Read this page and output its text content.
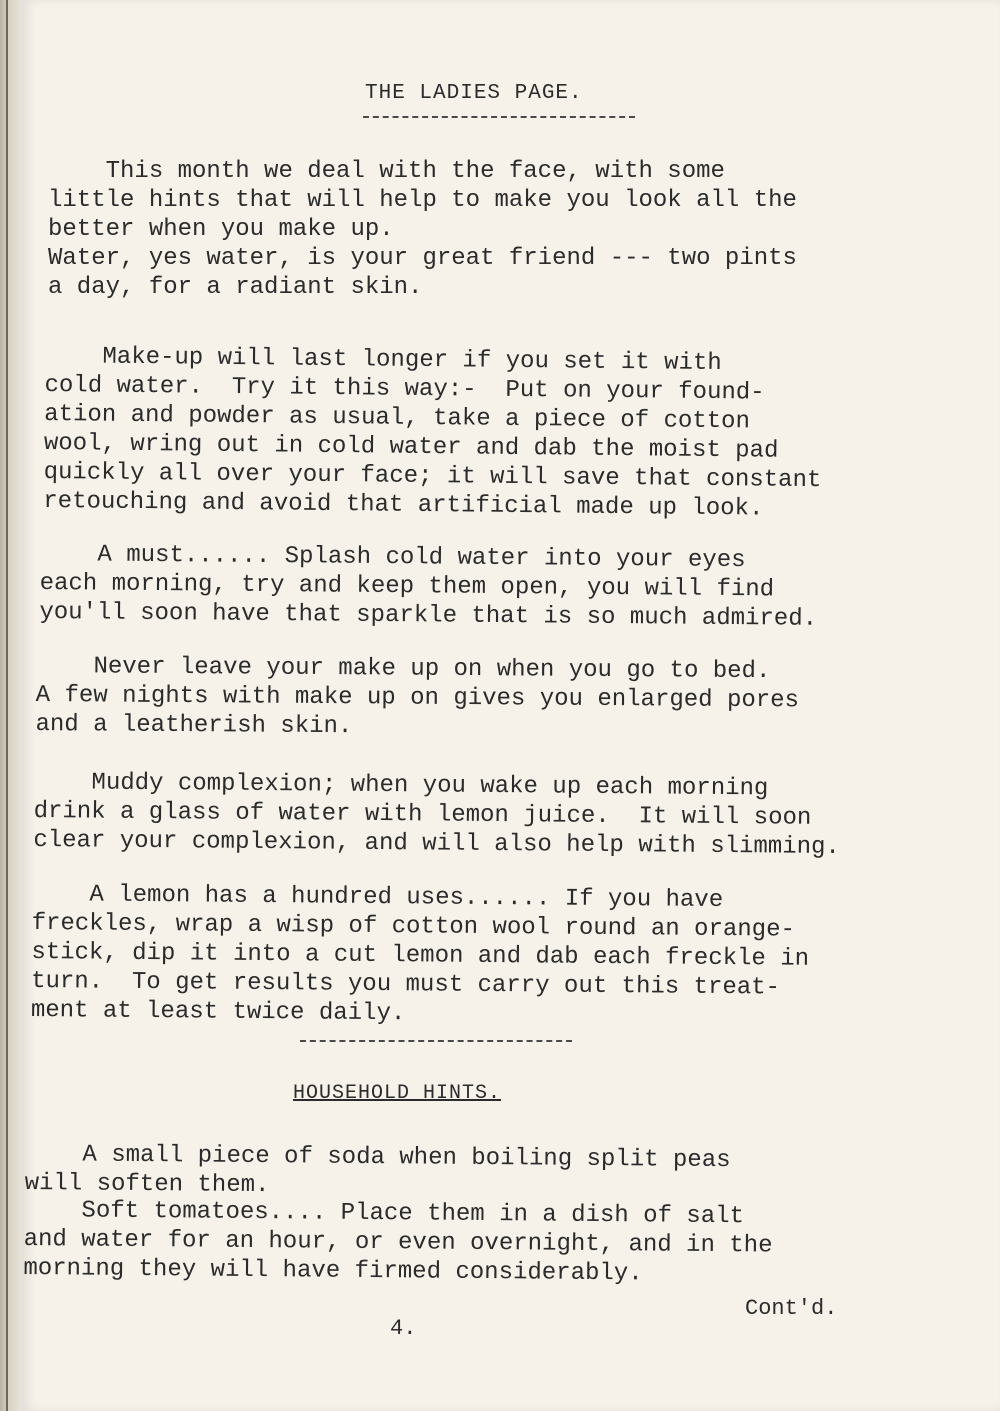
THE LADIES PAGE.
This month we deal with the face, with some
little hints that will help to make you look all the
better when you make up.
Water, yes water, is your great friend --- two pints
a day, for a radiant skin.
Make-up will last longer if you set it with
cold water.  Try it this way:-  Put on your found-
ation and powder as usual, take a piece of cotton
wool, wring out in cold water and dab the moist pad
quickly all over your face; it will save that constant
retouching and avoid that artificial made up look.
A must...... Splash cold water into your eyes
each morning, try and keep them open, you will find
you'll soon have that sparkle that is so much admired.
Never leave your make up on when you go to bed.
A few nights with make up on gives you enlarged pores
and a leatherish skin.
Muddy complexion; when you wake up each morning
drink a glass of water with lemon juice.  It will soon
clear your complexion, and will also help with slimming.
A lemon has a hundred uses...... If you have
freckles, wrap a wisp of cotton wool round an orange-
stick, dip it into a cut lemon and dab each freckle in
turn.  To get results you must carry out this treat-
ment at least twice daily.
HOUSEHOLD HINTS.
A small piece of soda when boiling split peas
will soften them.
Soft tomatoes.... Place them in a dish of salt
and water for an hour, or even overnight, and in the
morning they will have firmed considerably.
Cont'd.
4.
